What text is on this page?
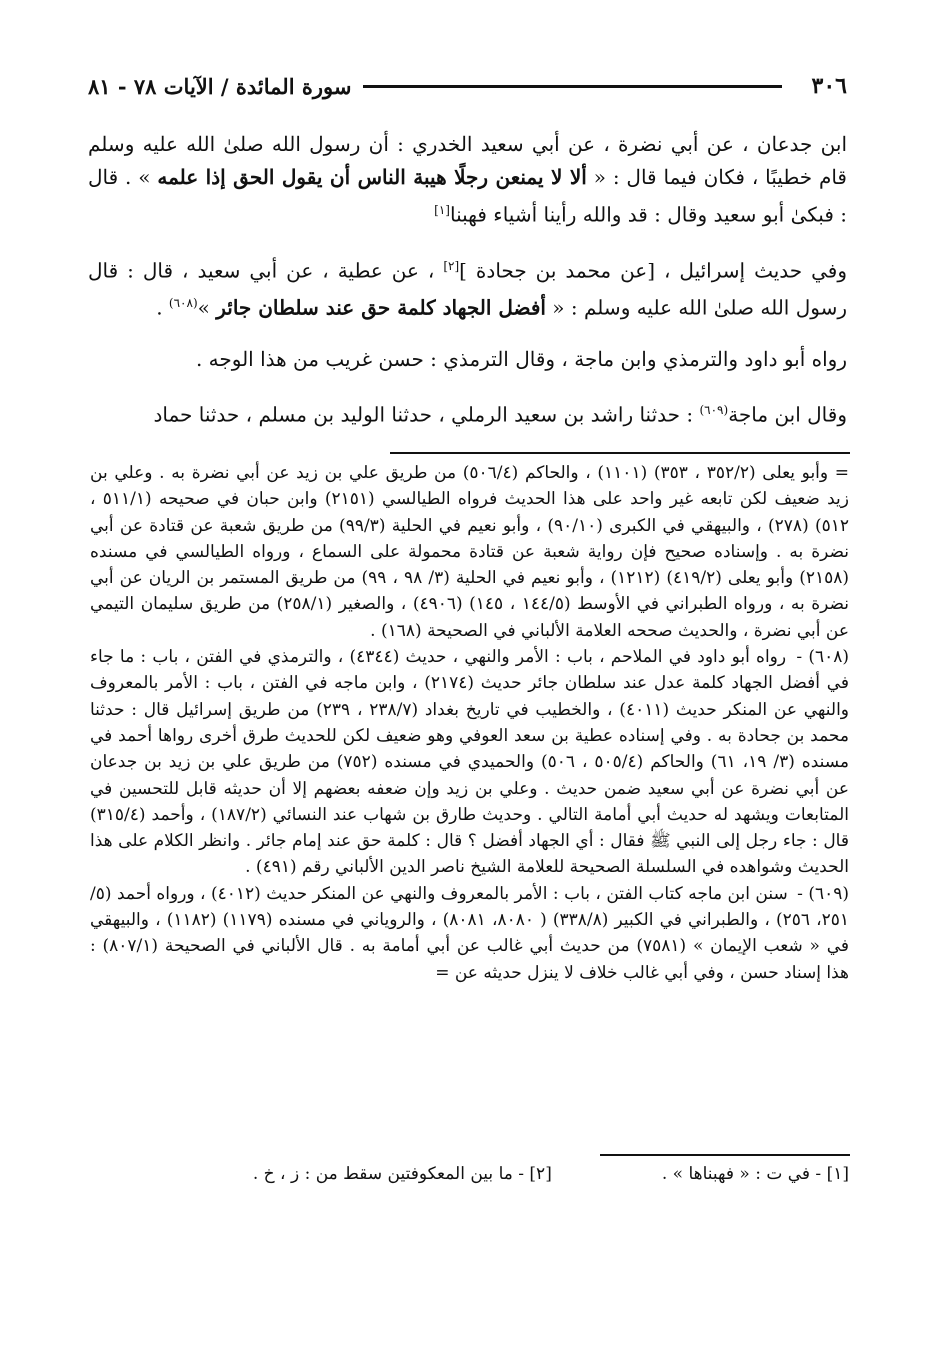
٣٠٦
سورة المائدة / الآيات ٧٨ - ٨١

ابن جدعان ، عن أبي نضرة ، عن أبي سعيد الخدري : أن رسول الله صلىٰ الله عليه وسلم قام خطيبًا ، فكان فيما قال : « ألا لا يمنعن رجلًا هيبة الناس أن يقول الحق إذا علمه » . قال : فبكىٰ أبو سعيد وقال : قد والله رأينا أشياء فهبنا[١]

وفي حديث إسرائيل ، [عن محمد بن جحادة ][٢] ، عن عطية ، عن أبي سعيد ، قال : قال رسول الله صلىٰ الله عليه وسلم : « أفضل الجهاد كلمة حق عند سلطان جائر »$^{(٦٠٨)}$ .

رواه أبو داود والترمذي وابن ماجة ، وقال الترمذي : حسن غريب من هذا الوجه .

وقال ابن ماجة$^{(٦٠٩)}$ : حدثنا راشد بن سعيد الرملي ، حدثنا الوليد بن مسلم ، حدثنا حماد

= وأبو يعلى (٣٥٢/٢ ، ٣٥٣) (١١٠١) ، والحاكم (٥٠٦/٤) من طريق علي بن زيد عن أبي نضرة به . وعلي بن زيد ضعيف لكن تابعه غير واحد على هذا الحديث فرواه الطيالسي (٢١٥١) وابن حبان في صحيحه (٥١١/١ ، ٥١٢) (٢٧٨) ، والبيهقي في الكبرى (٩٠/١٠) ، وأبو نعيم في الحلية (٩٩/٣) من طريق شعبة عن قتادة عن أبي نضرة به . وإسناده صحيح فإن رواية شعبة عن قتادة محمولة على السماع ، ورواه الطيالسي في مسنده (٢١٥٨) وأبو يعلى (٤١٩/٢) (١٢١٢) ، وأبو نعيم في الحلية (٣/ ٩٨ ، ٩٩) من طريق المستمر بن الريان عن أبي نضرة به ، ورواه الطبراني في الأوسط (١٤٤/٥ ، ١٤٥) (٤٩٠٦) ، والصغير (٢٥٨/١) من طريق سليمان التيمي عن أبي نضرة ، والحديث صححه العلامة الألباني في الصحيحة (١٦٨) .

(٦٠٨) - رواه أبو داود في الملاحم ، باب : الأمر والنهي ، حديث (٤٣٤٤) ، والترمذي في الفتن ، باب : ما جاء في أفضل الجهاد كلمة عدل عند سلطان جائر حديث (٢١٧٤) ، وابن ماجه في الفتن ، باب : الأمر بالمعروف والنهي عن المنكر حديث (٤٠١١) ، والخطيب في تاريخ بغداد (٢٣٨/٧ ، ٢٣٩) من طريق إسرائيل قال : حدثنا محمد بن جحادة به . وفي إسناده عطية بن سعد العوفي وهو ضعيف لكن للحديث طرق أخرى رواها أحمد في مسنده (٣/ ١٩، ٦١) والحاكم (٥٠٥/٤ ، ٥٠٦) والحميدي في مسنده (٧٥٢) من طريق علي بن زيد بن جدعان عن أبي نضرة عن أبي سعيد ضمن حديث . وعلي بن زيد وإن ضعفه بعضهم إلا أن حديثه قابل للتحسين في المتابعات ويشهد له حديث أبي أمامة التالي . وحديث طارق بن شهاب عند النسائي (١٨٧/٢) ، وأحمد (٣١٥/٤) قال : جاء رجل إلى النبي ﷺ فقال : أي الجهاد أفضل ؟ قال : كلمة حق عند إمام جائر . وانظر الكلام على هذا الحديث وشواهده في السلسلة الصحيحة للعلامة الشيخ ناصر الدين الألباني رقم (٤٩١) .

(٦٠٩) - سنن ابن ماجه كتاب الفتن ، باب : الأمر بالمعروف والنهي عن المنكر حديث (٤٠١٢) ، ورواه أحمد (٥/ ٢٥١، ٢٥٦) ، والطبراني في الكبير (٣٣٨/٨) ( ٨٠٨٠، ٨٠٨١) ، والروياني في مسنده (١١٧٩) (١١٨٢) ، والبيهقي في « شعب الإيمان » (٧٥٨١) من حديث أبي غالب عن أبي أمامة به . قال الألباني في الصحيحة (٨٠٧/١) : هذا إسناد حسن ، وفي أبي غالب خلاف لا ينزل حديثه عن =

[١] - في ت : « فهبناها » .
[٢] - ما بين المعكوفتين سقط من : ز ، خ .
